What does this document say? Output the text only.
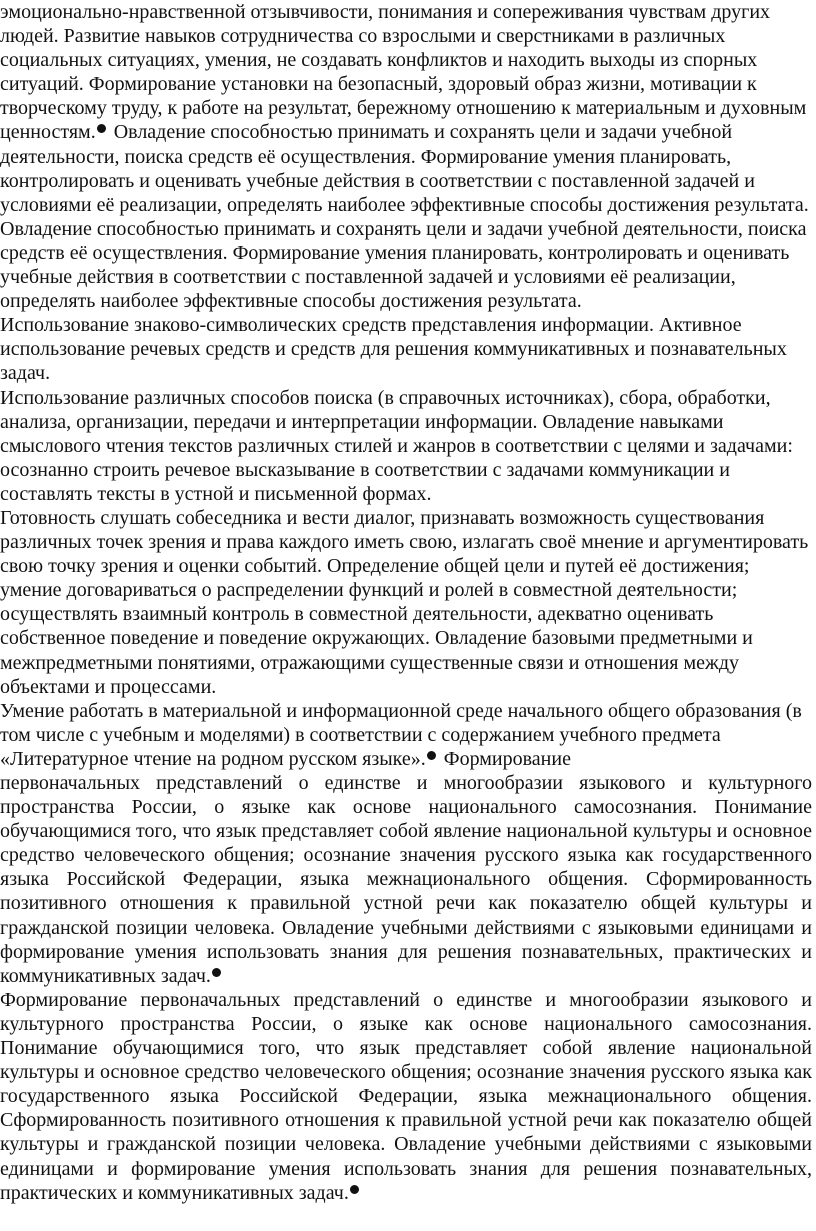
эмоционально-нравственной отзывчивости, понимания и сопереживания чувствам других людей. Развитие навыков сотрудничества со взрослыми и сверстниками в различных социальных ситуациях, умения, не создавать конфликтов и находить выходы из спорных ситуаций. Формирование установки на безопасный, здоровый образ жизни, мотивации к творческому труду, к работе на результат, бережному отношению к материальным и духовным ценностям. Овладение способностью принимать и сохранять цели и задачи учебной деятельности, поиска средств её осуществления. Формирование умения планировать, контролировать и оценивать учебные действия в соответствии с поставленной задачей и условиями её реализации, определять наиболее эффективные способы достижения результата.

Овладение способностью принимать и сохранять цели и задачи учебной деятельности, поиска средств её осуществления. Формирование умения планировать, контролировать и оценивать учебные действия в соответствии с поставленной задачей и условиями её реализации, определять наиболее эффективные способы достижения результата.

Использование знаково-символических средств представления информации. Активное использование речевых средств и средств для решения коммуникативных и познавательных задач.

Использование различных способов поиска (в справочных источниках), сбора, обработки, анализа, организации, передачи и интерпретации информации. Овладение навыками смыслового чтения текстов различных стилей и жанров в соответствии с целями и задачами: осознанно строить речевое высказывание в соответствии с задачами коммуникации и составлять тексты в устной и письменной формах.

Готовность слушать собеседника и вести диалог, признавать возможность существования различных точек зрения и права каждого иметь свою, излагать своё мнение и аргументировать свою точку зрения и оценки событий. Определение общей цели и путей её достижения; умение договариваться о распределении функций и ролей в совместной деятельности; осуществлять взаимный контроль в совместной деятельности, адекватно оценивать собственное поведение и поведение окружающих. Овладение базовыми предметными и межпредметными понятиями, отражающими существенные связи и отношения между объектами и процессами.

Умение работать в материальной и информационной среде начального общего образования (в том числе с учебным и моделями) в соответствии с содержанием учебного предмета «Литературное чтение на родном русском языке». Формирование

первоначальных представлений о единстве и многообразии языкового и культурного пространства России, о языке как основе национального самосознания. Понимание обучающимися того, что язык представляет собой явление национальной культуры и основное средство человеческого общения; осознание значения русского языка как государственного языка Российской Федерации, языка межнационального общения. Сформированность позитивного отношения к правильной устной речи как показателю общей культуры и гражданской позиции человека. Овладение учебными действиями с языковыми единицами и формирование умения использовать знания для решения познавательных, практических и коммуникативных задач.

Формирование первоначальных представлений о единстве и многообразии языкового и культурного пространства России, о языке как основе национального самосознания. Понимание обучающимися того, что язык представляет собой явление национальной культуры и основное средство человеческого общения; осознание значения русского языка как государственного языка Российской Федерации, языка межнационального общения. Сформированность позитивного отношения к правильной устной речи как показателю общей культуры и гражданской позиции человека. Овладение учебными действиями с языковыми единицами и формирование умения использовать знания для решения познавательных, практических и коммуникативных задач.
